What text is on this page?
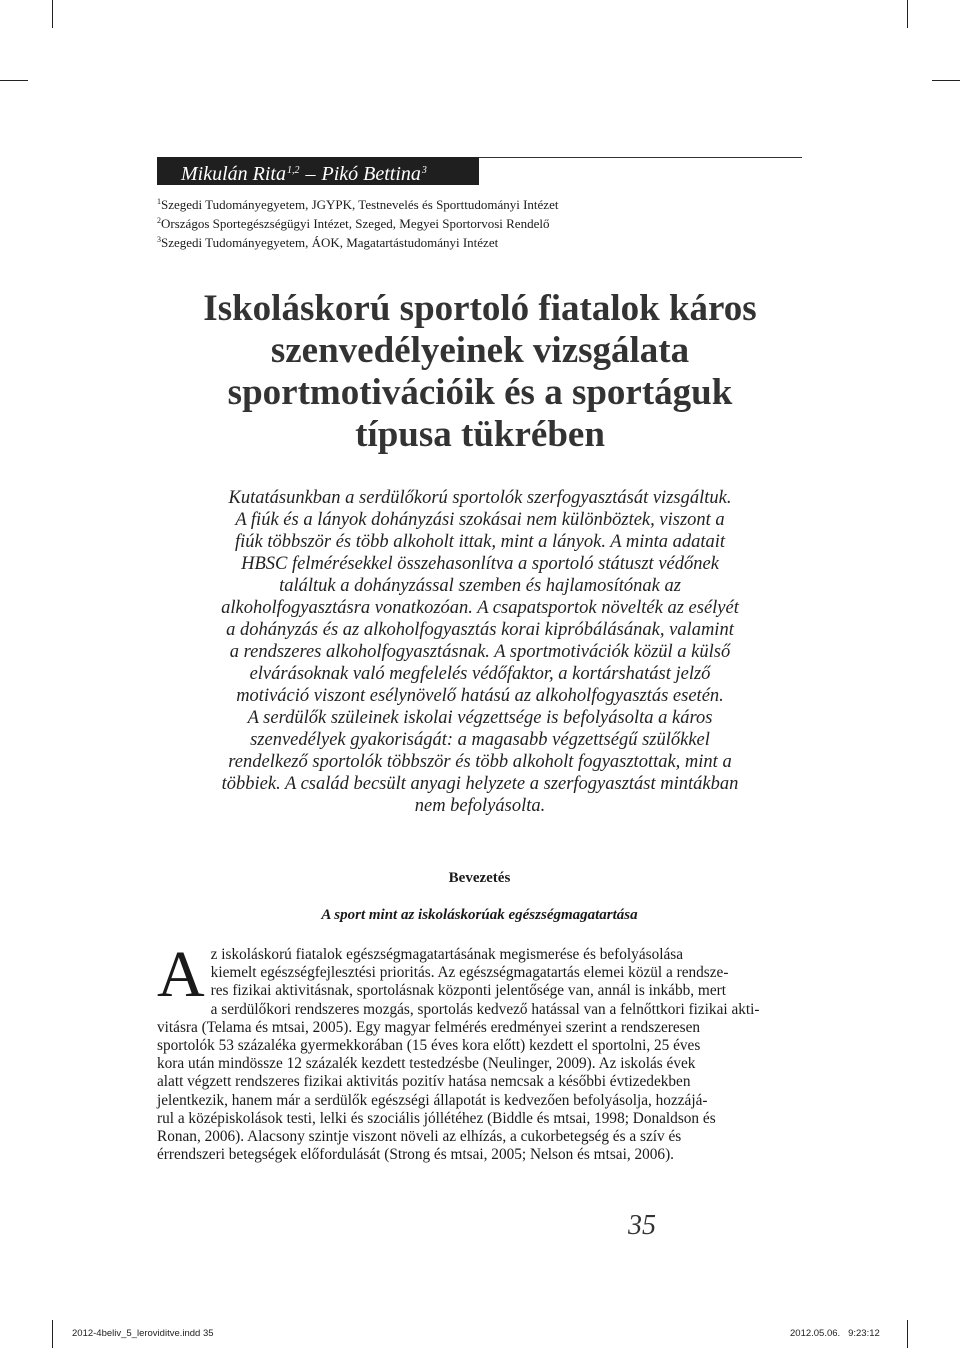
Mikulán Rita$^{1,2}$ – Pikó Bettina$^3$
$^1$Szegedi Tudományegyetem, JGYPK, Testnevelés és Sporttudományi Intézet
$^2$Országos Sportegészségügyi Intézet, Szeged, Megyei Sportorvosi Rendelő
$^3$Szegedi Tudományegyetem, ÁOK, Magatartástudományi Intézet
Iskoláskorú sportoló fiatalok káros
szenvedélyeinek vizsgálata
sportmotivációik és a sportáguk
típusa tükrében
Kutatásunkban a serdülőkorú sportolók szerfogyasztását vizsgáltuk.
A fiúk és a lányok dohányzási szokásai nem különböztek, viszont a
fiúk többször és több alkoholt ittak, mint a lányok. A minta adatait
HBSC felmérésekkel összehasonlítva a sportoló státuszt védőnek
találtuk a dohányzással szemben és hajlamosítónak az
alkoholfogyasztásra vonatkozóan. A csapatsportok növelték az esélyét
a dohányzás és az alkoholfogyasztás korai kipróbálásának, valamint
a rendszeres alkoholfogyasztásnak. A sportmotivációk közül a külső
elvárásoknak való megfelelés védőfaktor, a kortárshatást jelző
motiváció viszont esélynövelő hatású az alkoholfogyasztás esetén.
A serdülők szüleinek iskolai végzettsége is befolyásolta a káros
szenvedélyek gyakoriságát: a magasabb végzettségű szülőkkel
rendelkező sportolók többször és több alkoholt fogyasztottak, mint a
többiek. A család becsült anyagi helyzete a szerfogyasztást mintákban
nem befolyásolta.
Bevezetés
A sport mint az iskoláskorúak egészségmagatartása
A z iskoláskorú fiatalok egészségmagatartásának megismerése és befolyásolása
kiemelt egészségfejlesztési prioritás. Az egészségmagatartás elemei közül a rendsze-
res fizikai aktivitásnak, sportolásnak központi jelentősége van, annál is inkább, mert
a serdülőkori rendszeres mozgás, sportolás kedvező hatással van a felnőttkori fizikai akti-
vitásra (Telama és mtsai, 2005). Egy magyar felmérés eredményei szerint a rendszeresen
sportolók 53 százaléka gyermekkorában (15 éves kora előtt) kezdett el sportolni, 25 éves
kora után mindössze 12 százalék kezdett testedzésbe (Neulinger, 2009). Az iskolás évek
alatt végzett rendszeres fizikai aktivitás pozitív hatása nemcsak a későbbi évtizedekben
jelentkezik, hanem már a serdülők egészségi állapotát is kedvezően befolyásolja, hozzájá-
rul a középiskolások testi, lelki és szociális jóllétéhez (Biddle és mtsai, 1998; Donaldson és
Ronan, 2006). Alacsony szintje viszont növeli az elhízás, a cukorbetegség és a szív és
érrendszeri betegségek előfordulását (Strong és mtsai, 2005; Nelson és mtsai, 2006).
35
2012-4beliv_5_leroviditve.indd 35	2012.05.06.   9:23:12
